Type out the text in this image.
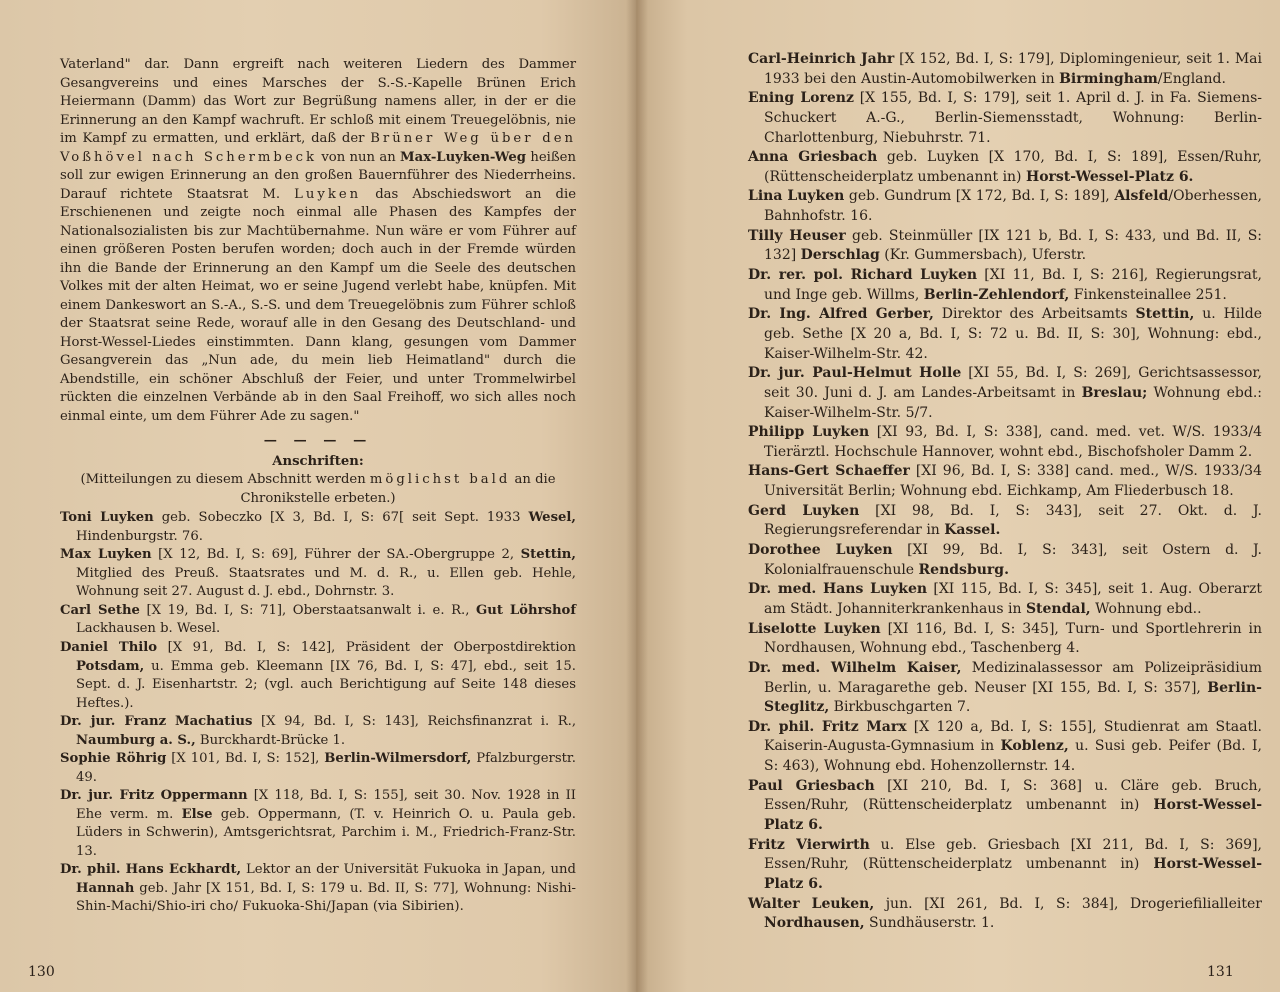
Vaterland" dar. Dann ergreift nach weiteren Liedern des Dammer Gesangvereins und eines Marsches der S.-S.-Kapelle Brünen Erich Heiermann (Damm) das Wort zur Begrüßung namens aller, in der er die Erinnerung an den Kampf wachruft. Er schloß mit einem Treuegelöbnis, nie im Kampf zu ermatten, und erklärt, daß der Brüner Weg über den Voßhövel nach Schermbeck von nun an Max-Luyken-Weg heißen soll zur ewigen Erinnerung an den großen Bauernführer des Niederrheins. Darauf richtete Staatsrat M. Luyken das Abschiedswort an die Erschienenen und zeigte noch einmal alle Phasen des Kampfes der Nationalsozialisten bis zur Machtübernahme. Nun wäre er vom Führer auf einen größeren Posten berufen worden; doch auch in der Fremde würden ihn die Bande der Erinnerung an den Kampf um die Seele des deutschen Volkes mit der alten Heimat, wo er seine Jugend verlebt habe, knüpfen. Mit einem Dankeswort an S.-A., S.-S. und dem Treuegelöbnis zum Führer schloß der Staatsrat seine Rede, worauf alle in den Gesang des Deutschland- und Horst-Wessel-Liedes einstimmten. Dann klang, gesungen vom Dammer Gesangverein das „Nun ade, du mein lieb Heimatland" durch die Abendstille, ein schöner Abschluß der Feier, und unter Trommelwirbel rückten die einzelnen Verbände ab in den Saal Freihoff, wo sich alles noch einmal einte, um dem Führer Ade zu sagen."

— — — —

Anschriften:

(Mitteilungen zu diesem Abschnitt werden möglichst bald an die Chronikstelle erbeten.)

Toni Luyken geb. Sobeczko [X 3, Bd. I, S: 67[ seit Sept. 1933 Wesel, Hindenburgstr. 76.

Max Luyken [X 12, Bd. I, S: 69], Führer der SA.-Obergruppe 2, Stettin, Mitglied des Preuß. Staatsrates und M. d. R., u. Ellen geb. Hehle, Wohnung seit 27. August d. J. ebd., Dohrnstr. 3.

Carl Sethe [X 19, Bd. I, S: 71], Oberstaatsanwalt i. e. R., Gut Löhrshof Lackhausen b. Wesel.

Daniel Thilo [X 91, Bd. I, S: 142], Präsident der Oberpostdirektion Potsdam, u. Emma geb. Kleemann [IX 76, Bd. I, S: 47], ebd., seit 15. Sept. d. J. Eisenhartstr. 2; (vgl. auch Berichtigung auf Seite 148 dieses Heftes.).

Dr. jur. Franz Machatius [X 94, Bd. I, S: 143], Reichsfinanzrat i. R., Naumburg a. S., Burckhardt-Brücke 1.

Sophie Röhrig [X 101, Bd. I, S: 152], Berlin-Wilmersdorf, Pfalzburgerstr. 49.

Dr. jur. Fritz Oppermann [X 118, Bd. I, S: 155], seit 30. Nov. 1928 in II Ehe verm. m. Else geb. Oppermann, (T. v. Heinrich O. u. Paula geb. Lüders in Schwerin), Amtsgerichtsrat, Parchim i. M., Friedrich-Franz-Str. 13.

Dr. phil. Hans Eckhardt, Lektor an der Universität Fukuoka in Japan, und Hannah geb. Jahr [X 151, Bd. I, S: 179 u. Bd. II, S: 77], Wohnung: Nishi-Shin-Machi/Shio-iri cho/ Fukuoka-Shi/Japan (via Sibirien).

130	131

Carl-Heinrich Jahr [X 152, Bd. I, S: 179], Diplomingenieur, seit 1. Mai 1933 bei den Austin-Automobilwerken in Birmingham/England.

Ening Lorenz [X 155, Bd. I, S: 179], seit 1. April d. J. in Fa. Siemens-Schuckert A.-G., Berlin-Siemensstadt, Wohnung: Berlin-Charlottenburg, Niebuhrstr. 71.

Anna Griesbach geb. Luyken [X 170, Bd. I, S: 189], Essen/Ruhr, (Rüttenscheiderplatz umbenannt in) Horst-Wessel-Platz 6.

Lina Luyken geb. Gundrum [X 172, Bd. I, S: 189], Alsfeld/Oberhessen, Bahnhofstr. 16.

Tilly Heuser geb. Steinmüller [IX 121 b, Bd. I, S: 433, und Bd. II, S: 132] Derschlag (Kr. Gummersbach), Uferstr.

Dr. rer. pol. Richard Luyken [XI 11, Bd. I, S: 216], Regierungsrat, und Inge geb. Willms, Berlin-Zehlendorf, Finkensteinallee 251.

Dr. Ing. Alfred Gerber, Direktor des Arbeitsamts Stettin, u. Hilde geb. Sethe [X 20 a, Bd. I, S: 72 u. Bd. II, S: 30], Wohnung: ebd., Kaiser-Wilhelm-Str. 42.

Dr. jur. Paul-Helmut Holle [XI 55, Bd. I, S: 269], Gerichtsassessor, seit 30. Juni d. J. am Landes-Arbeitsamt in Breslau; Wohnung ebd.: Kaiser-Wilhelm-Str. 5/7.

Philipp Luyken [XI 93, Bd. I, S: 338], cand. med. vet. W/S. 1933/4 Tierärztl. Hochschule Hannover, wohnt ebd., Bischofsholer Damm 2.

Hans-Gert Schaeffer [XI 96, Bd. I, S: 338] cand. med., W/S. 1933/34 Universität Berlin; Wohnung ebd. Eichkamp, Am Fliederbusch 18.

Gerd Luyken [XI 98, Bd. I, S: 343], seit 27. Okt. d. J. Regierungsreferendar in Kassel.

Dorothee Luyken [XI 99, Bd. I, S: 343], seit Ostern d. J. Kolonialfrauenschule Rendsburg.

Dr. med. Hans Luyken [XI 115, Bd. I, S: 345], seit 1. Aug. Oberarzt am Städt. Johanniterkrankenhaus in Stendal, Wohnung ebd..

Liselotte Luyken [XI 116, Bd. I, S: 345], Turn- und Sportlehrerin in Nordhausen, Wohnung ebd., Taschenberg 4.

Dr. med. Wilhelm Kaiser, Medizinalassessor am Polizeipräsidium Berlin, u. Maragarethe geb. Neuser [XI 155, Bd. I, S: 357], Berlin-Steglitz, Birkbuschgarten 7.

Dr. phil. Fritz Marx [X 120 a, Bd. I, S: 155], Studienrat am Staatl. Kaiserin-Augusta-Gymnasium in Koblenz, u. Susi geb. Peifer (Bd. I, S: 463), Wohnung ebd. Hohenzollernstr. 14.

Paul Griesbach [XI 210, Bd. I, S: 368] u. Cläre geb. Bruch, Essen/Ruhr, (Rüttenscheiderplatz umbenannt in) Horst-Wessel-Platz 6.

Fritz Vierwirth u. Else geb. Griesbach [XI 211, Bd. I, S: 369], Essen/Ruhr, (Rüttenscheiderplatz umbenannt in) Horst-Wessel-Platz 6.

Walter Leuken, jun. [XI 261, Bd. I, S: 384], Drogeriefilialleiter Nordhausen, Sundhäuserstr. 1.
